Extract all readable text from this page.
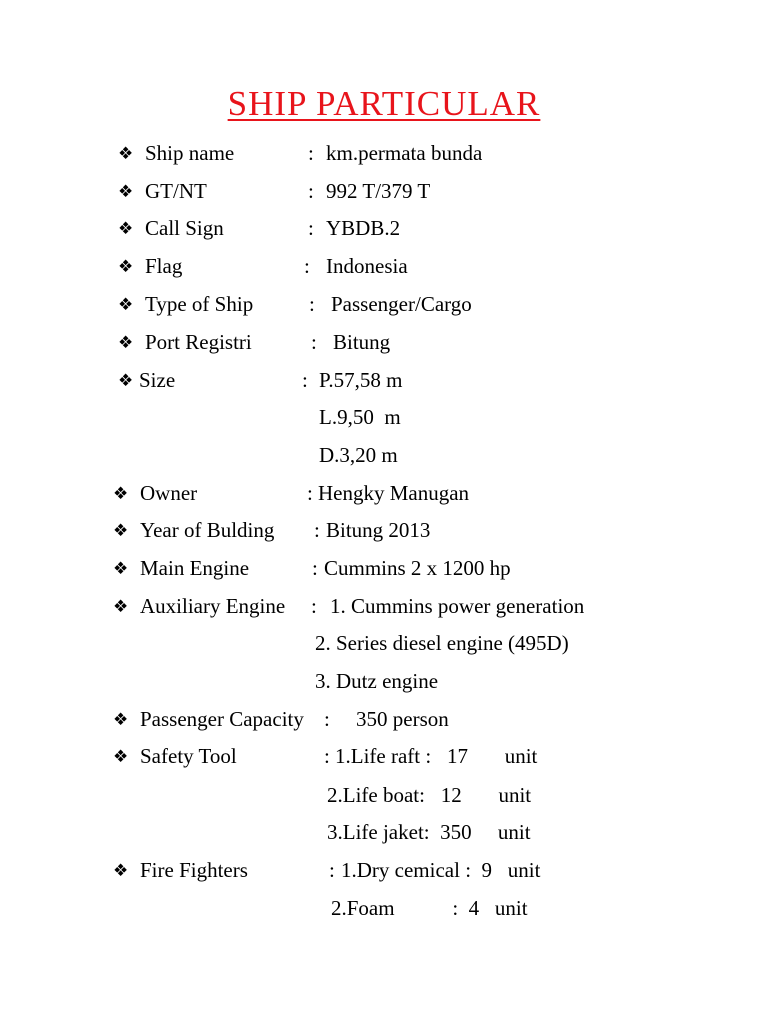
SHIP PARTICULAR
❖ Ship name	: km.permata bunda
❖ GT/NT	: 992 T/379 T
❖ Call Sign	: YBDB.2
❖ Flag	: Indonesia
❖ Type of Ship	: Passenger/Cargo
❖ Port Registri	: Bitung
❖ Size	: P.57,58 m
L.9,50  m
D.3,20 m
❖ Owner	: Hengky Manugan
❖ Year of Bulding : Bitung 2013
❖ Main Engine	: Cummins 2 x 1200 hp
❖ Auxiliary Engine : 1. Cummins power generation
2. Series diesel engine (495D)
3. Dutz engine
❖ Passenger Capacity : 350 person
❖ Safety Tool	: 1.Life raft :   17       unit
2.Life boat:   12       unit
3.Life jaket:  350     unit
❖ Fire Fighters	: 1.Dry cemical :  9   unit
2.Foam           :  4   unit
